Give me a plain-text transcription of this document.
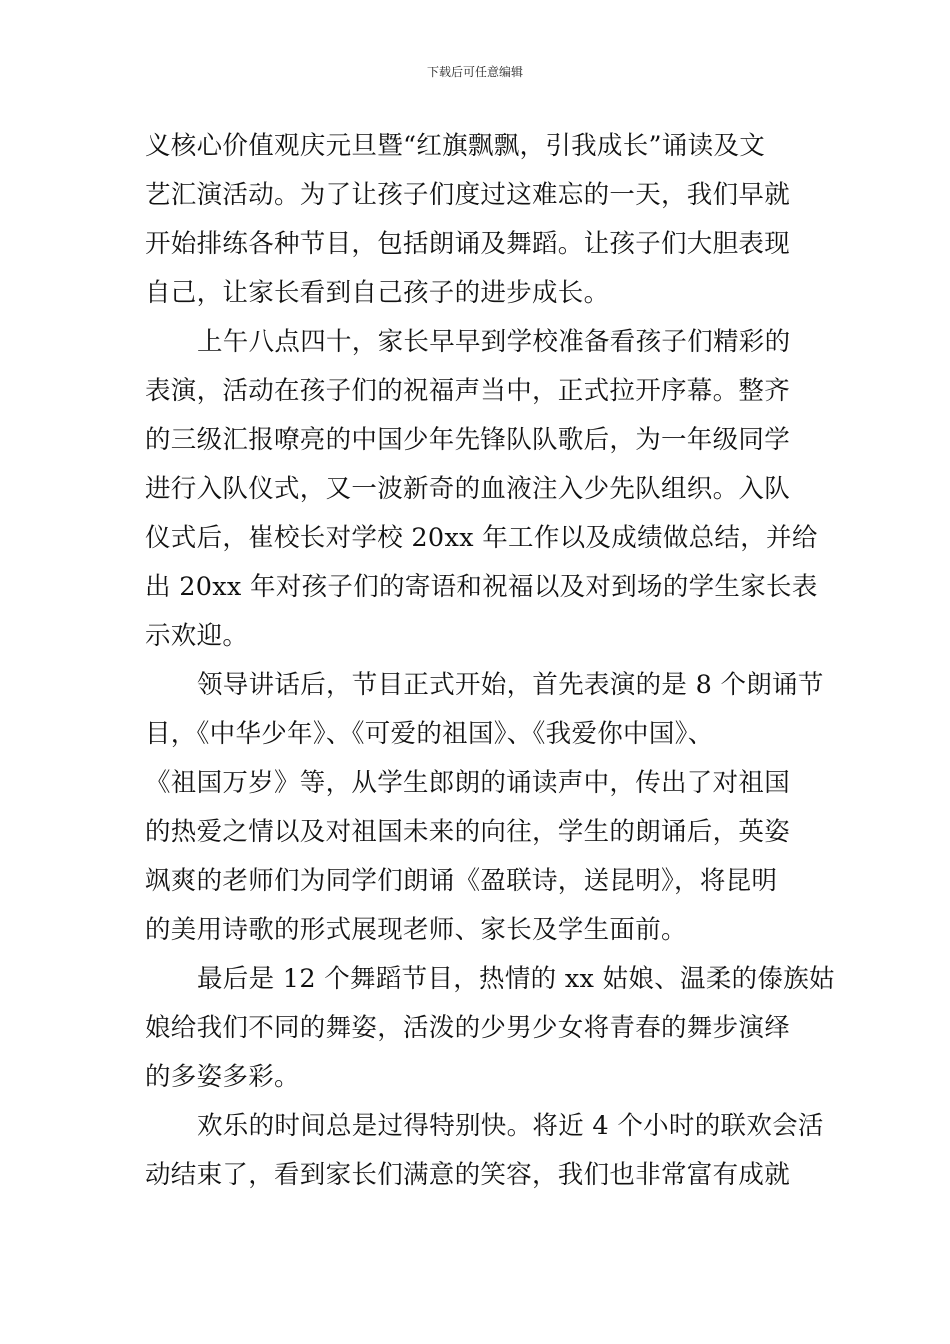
下载后可任意编辑
义核心价值观庆元旦暨“红旗飘飘，引我成长”诵读及文
艺汇演活动。为了让孩子们度过这难忘的一天，我们早就
开始排练各种节目，包括朗诵及舞蹈。让孩子们大胆表现
自己，让家长看到自己孩子的进步成长。
上午八点四十，家长早早到学校准备看孩子们精彩的
表演，活动在孩子们的祝福声当中，正式拉开序幕。整齐
的三级汇报嘹亮的中国少年先锋队队歌后，为一年级同学
进行入队仪式，又一波新奇的血液注入少先队组织。入队
仪式后，崔校长对学校 20xx 年工作以及成绩做总结，并给
出 20xx 年对孩子们的寄语和祝福以及对到场的学生家长表
示欢迎。
领导讲话后，节目正式开始，首先表演的是 8 个朗诵节
目，《中华少年》、《可爱的祖国》、《我爱你中国》、
《祖国万岁》等，从学生郎朗的诵读声中，传出了对祖国
的热爱之情以及对祖国未来的向往，学生的朗诵后，英姿
飒爽的老师们为同学们朗诵《盈联诗，送昆明》，将昆明
的美用诗歌的形式展现老师、家长及学生面前。
最后是 12 个舞蹈节目，热情的 xx 姑娘、温柔的傣族姑
娘给我们不同的舞姿，活泼的少男少女将青春的舞步演绎
的多姿多彩。
欢乐的时间总是过得特别快。将近 4 个小时的联欢会活
动结束了，看到家长们满意的笑容，我们也非常富有成就
